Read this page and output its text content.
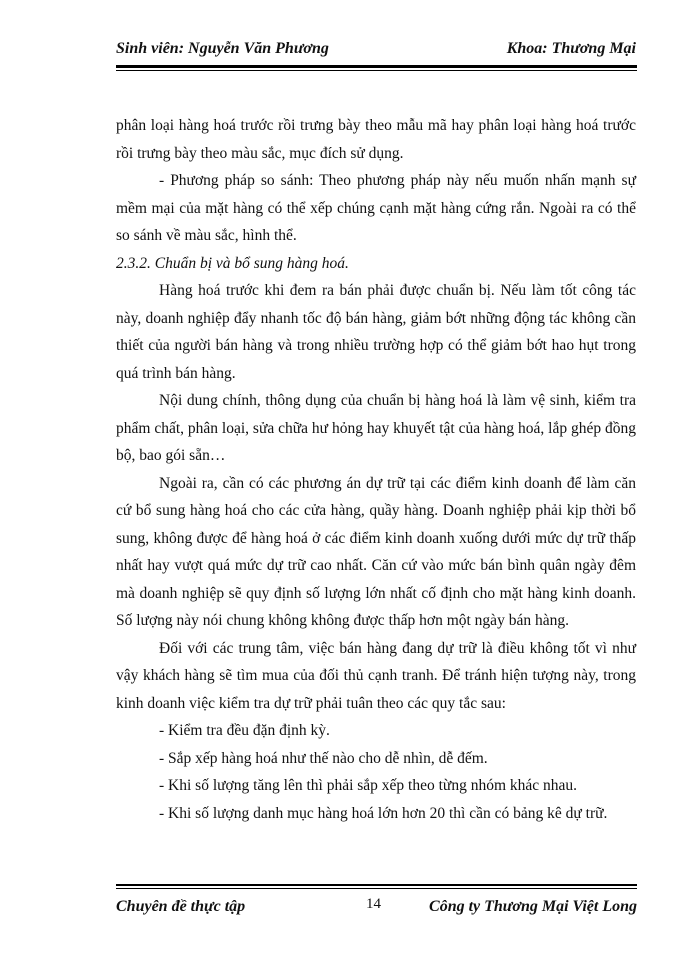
Sinh viên: Nguyễn Văn Phương	Khoa: Thương Mại

phân loại hàng hoá trước rồi trưng bày theo mẫu mã hay phân loại hàng hoá trước rồi trưng bày theo màu sắc, mục đích sử dụng.

- Phương pháp so sánh: Theo phương pháp này nếu muốn nhấn mạnh sự mềm mại của mặt hàng có thể xếp chúng cạnh mặt hàng cứng rắn. Ngoài ra có thể so sánh về màu sắc, hình thể.

2.3.2. Chuẩn bị và bổ sung hàng hoá.

Hàng hoá trước khi đem ra bán phải được chuẩn bị. Nếu làm tốt công tác này, doanh nghiệp đẩy nhanh tốc độ bán hàng, giảm bớt những động tác không cần thiết của người bán hàng và trong nhiều trường hợp có thể giảm bớt hao hụt trong quá trình bán hàng.

Nội dung chính, thông dụng của chuẩn bị hàng hoá là làm vệ sinh, kiểm tra phẩm chất, phân loại, sửa chữa hư hỏng hay khuyết tật của hàng hoá, lắp ghép đồng bộ, bao gói sẵn…

Ngoài ra, cần có các phương án dự trữ tại các điểm kinh doanh để làm căn cứ bổ sung hàng hoá cho các cửa hàng, quầy hàng. Doanh nghiệp phải kịp thời bổ sung, không được để hàng hoá ở các điểm kinh doanh xuống dưới mức dự trữ thấp nhất hay vượt quá mức dự trữ cao nhất. Căn cứ vào mức bán bình quân ngày đêm mà doanh nghiệp sẽ quy định số lượng lớn nhất cố định cho mặt hàng kinh doanh. Số lượng này nói chung không không được thấp hơn một ngày bán hàng.

Đối với các trung tâm, việc bán hàng đang dự trữ là điều không tốt vì như vậy khách hàng sẽ tìm mua của đối thủ cạnh tranh. Để tránh hiện tượng này, trong kinh doanh việc kiểm tra dự trữ phải tuân theo các quy tắc sau:

- Kiểm tra đều đặn định kỳ.

- Sắp xếp hàng hoá như thế nào cho dễ nhìn, dễ đếm.

- Khi số lượng tăng lên thì phải sắp xếp theo từng nhóm khác nhau.

- Khi số lượng danh mục hàng hoá lớn hơn 20 thì cần có bảng kê dự trữ.

Chuyên đề thực tập	14	Công ty Thương Mại Việt Long
